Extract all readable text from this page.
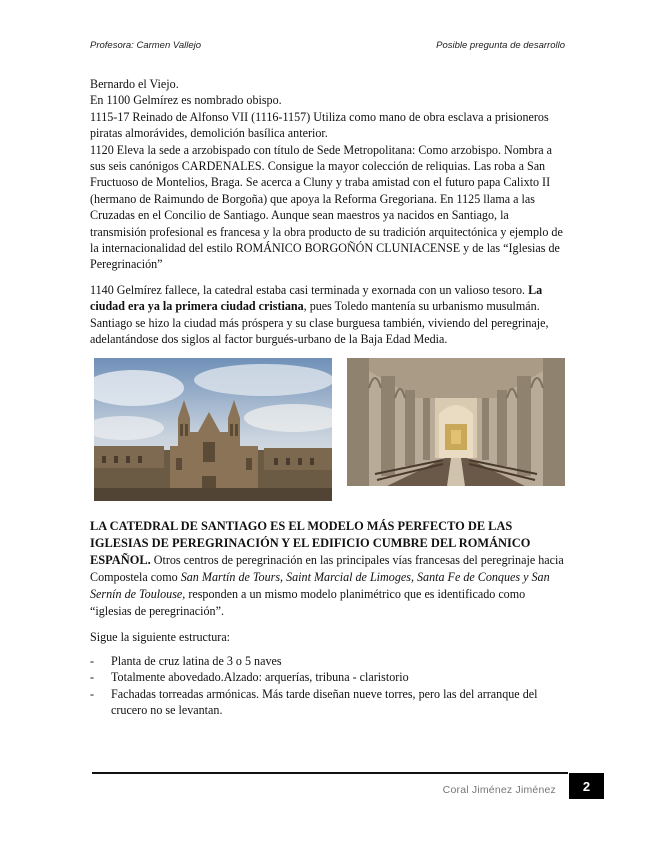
Profesora: Carmen Vallejo	Posible pregunta de desarrollo

Bernardo el Viejo.

En 1100 Gelmírez es nombrado obispo.

1115-17 Reinado de Alfonso VII (1116-1157) Utiliza como mano de obra esclava a prisioneros piratas almorávides, demolición basílica anterior.

1120 Eleva la sede a arzobispado con título de Sede Metropolitana: Como arzobispo. Nombra a sus seis canónigos CARDENALES. Consigue la mayor colección de reliquias. Las roba a San Fructuoso de Montelios, Braga. Se acerca a Cluny y traba amistad con el futuro papa Calixto II (hermano de Raimundo de Borgoña) que apoya la Reforma Gregoriana. En 1125 llama a las Cruzadas en el Concilio de Santiago. Aunque sean maestros ya nacidos en Santiago, la transmisión profesional es francesa y la obra producto de su tradición arquitectónica y ejemplo de la internacionalidad del estilo ROMÁNICO BORGOÑÓN CLUNIACENSE y de las “Iglesias de Peregrinación”

1140 Gelmírez fallece, la catedral estaba casi terminada y exornada con un valioso tesoro. La ciudad era ya la primera ciudad cristiana, pues Toledo mantenía su urbanismo musulmán. Santiago se hizo la ciudad más próspera y su clase burguesa también, viviendo del peregrinaje, adelantándose dos siglos al factor burgués-urbano de la Baja Edad Media.

LA CATEDRAL DE SANTIAGO ES EL MODELO MÁS PERFECTO DE LAS IGLESIAS DE PEREGRINACIÓN Y EL EDIFICIO CUMBRE DEL ROMÁNICO ESPAÑOL. Otros centros de peregrinación en las principales vías francesas del peregrinaje hacia Compostela como San Martín de Tours, Saint Marcial de Limoges, Santa Fe de Conques y San Sernín de Toulouse, responden a un mismo modelo planimétrico que es identificado como “iglesias de peregrinación”.

Sigue la siguiente estructura:

- Planta de cruz latina de 3 o 5 naves
- Totalmente abovedado.Alzado: arquerías, tribuna - claristorio
- Fachadas torreadas armónicas. Más tarde diseñan nueve torres, pero las del arranque del crucero no se levantan.
Coral Jiménez Jiménez	2
